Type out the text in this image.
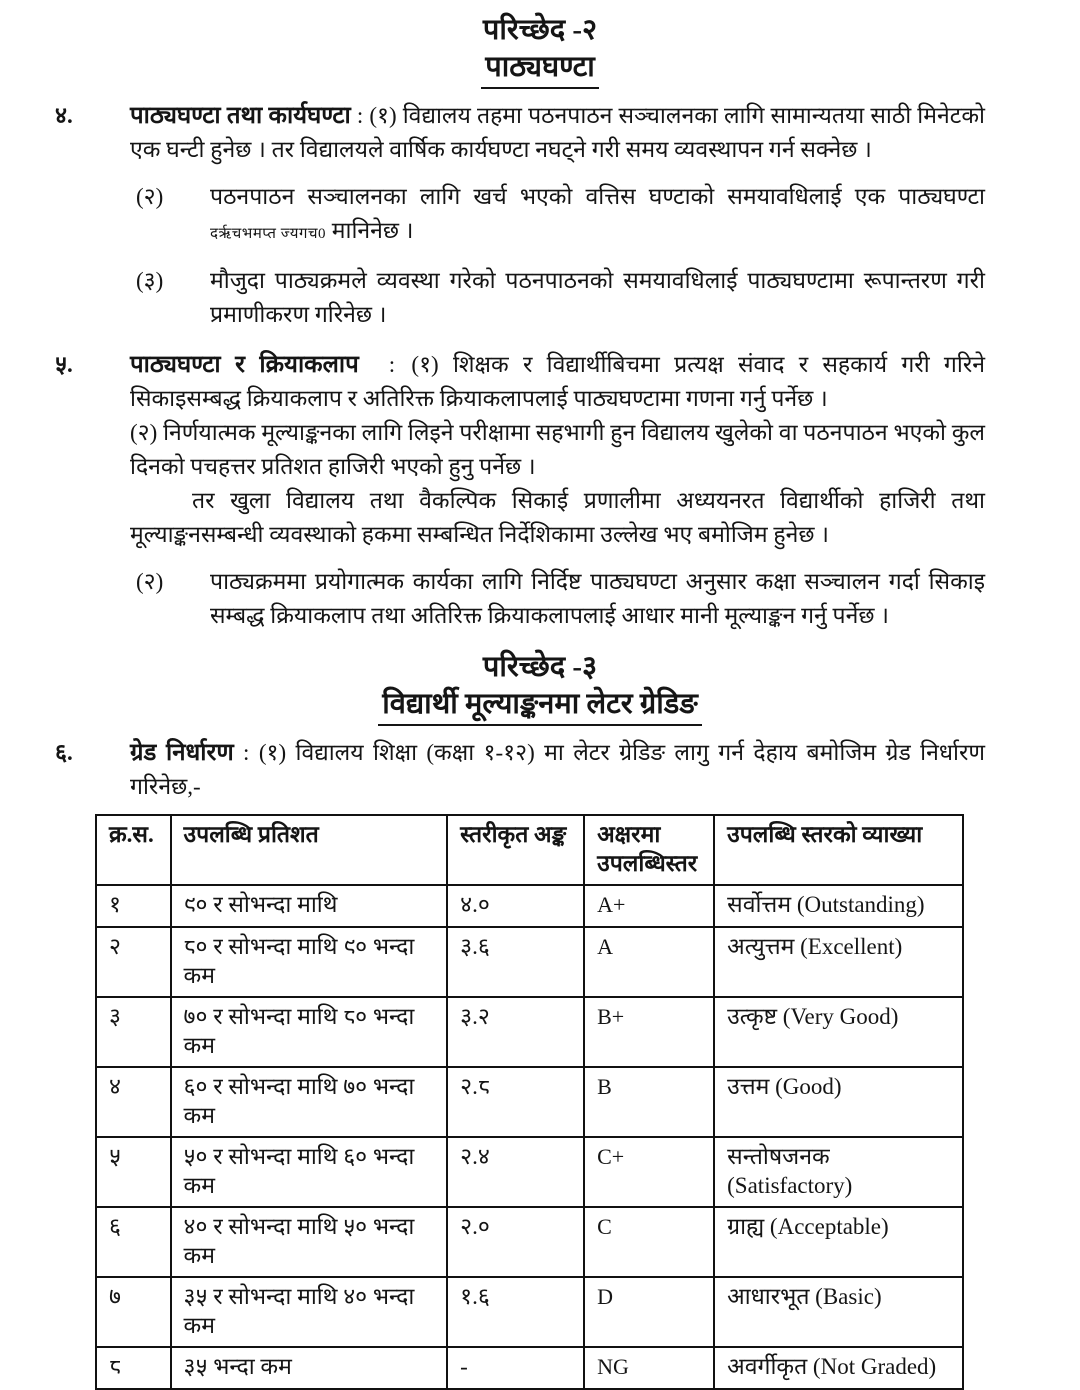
परिच्छेद -२
पाठ्यघण्टा
४.	पाठ्यघण्टा तथा कार्यघण्टा : (१) विद्यालय तहमा पठनपाठन सञ्चालनका लागि सामान्यतया साठी मिनेटको एक घन्टी हुनेछ । तर विद्यालयले वार्षिक कार्यघण्टा नघट्ने गरी समय व्यवस्थापन गर्न सक्नेछ ।

(२)	पठनपाठन सञ्चालनका लागि खर्च भएको वत्तिस घण्टाको समयावधिलाई एक पाठ्यघण्टा दऋृचभमप्त ज्यगच0 मानिनेछ ।

(३)	मौजुदा पाठ्यक्रमले व्यवस्था गरेको पठनपाठनको समयावधिलाई पाठ्यघण्टामा रूपान्तरण गरी प्रमाणीकरण गरिनेछ ।

५.	पाठ्यघण्टा र क्रियाकलाप : (१) शिक्षक र विद्यार्थीबिचमा प्रत्यक्ष संवाद र सहकार्य गरी गरिने सिकाइसम्बद्ध क्रियाकलाप र अतिरिक्त क्रियाकलापलाई पाठ्यघण्टामा गणना गर्नु पर्नेछ ।

(२) निर्णयात्मक मूल्याङ्कनका लागि लिइने परीक्षामा सहभागी हुन विद्यालय खुलेको वा पठनपाठन भएको कुल दिनको पचहत्तर प्रतिशत हाजिरी भएको हुनु पर्नेछ ।

तर खुला विद्यालय तथा वैकल्पिक सिकाई प्रणालीमा अध्ययनरत विद्यार्थीको हाजिरी तथा मूल्याङ्कनसम्बन्धी व्यवस्थाको हकमा सम्बन्धित निर्देशिकामा उल्लेख भए बमोजिम हुनेछ ।

(२)	पाठ्यक्रममा प्रयोगात्मक कार्यका लागि निर्दिष्ट पाठ्यघण्टा अनुसार कक्षा सञ्चालन गर्दा सिकाइ सम्बद्ध क्रियाकलाप तथा अतिरिक्त क्रियाकलापलाई आधार मानी मूल्याङ्कन गर्नु पर्नेछ ।

परिच्छेद -३
विद्यार्थी मूल्याङ्कनमा लेटर ग्रेडिङ
६.	ग्रेड निर्धारण : (१) विद्यालय शिक्षा (कक्षा १-१२) मा लेटर ग्रेडिङ लागु गर्न देहाय बमोजिम ग्रेड निर्धारण गरिनेछ,-

क्र.स.	उपलब्धि प्रतिशत	स्तरीकृत अङ्क	अक्षरमा उपलब्धिस्तर	उपलब्धि स्तरको व्याख्या
१	९० र सोभन्दा माथि	४.०	A+	सर्वोत्तम (Outstanding)
२	८० र सोभन्दा माथि ९० भन्दा कम	३.६	A	अत्युत्तम (Excellent)
३	७० र सोभन्दा माथि ८० भन्दा कम	३.२	B+	उत्कृष्ट (Very Good)
४	६० र सोभन्दा माथि ७० भन्दा कम	२.८	B	उत्तम (Good)
५	५० र सोभन्दा माथि ६० भन्दा कम	२.४	C+	सन्तोषजनक (Satisfactory)
६	४० र सोभन्दा माथि ५० भन्दा कम	२.०	C	ग्राह्य (Acceptable)
७	३५ र सोभन्दा माथि ४० भन्दा कम	१.६	D	आधारभूत (Basic)
८	३५ भन्दा कम	-	NG	अवर्गीकृत (Not Graded)
